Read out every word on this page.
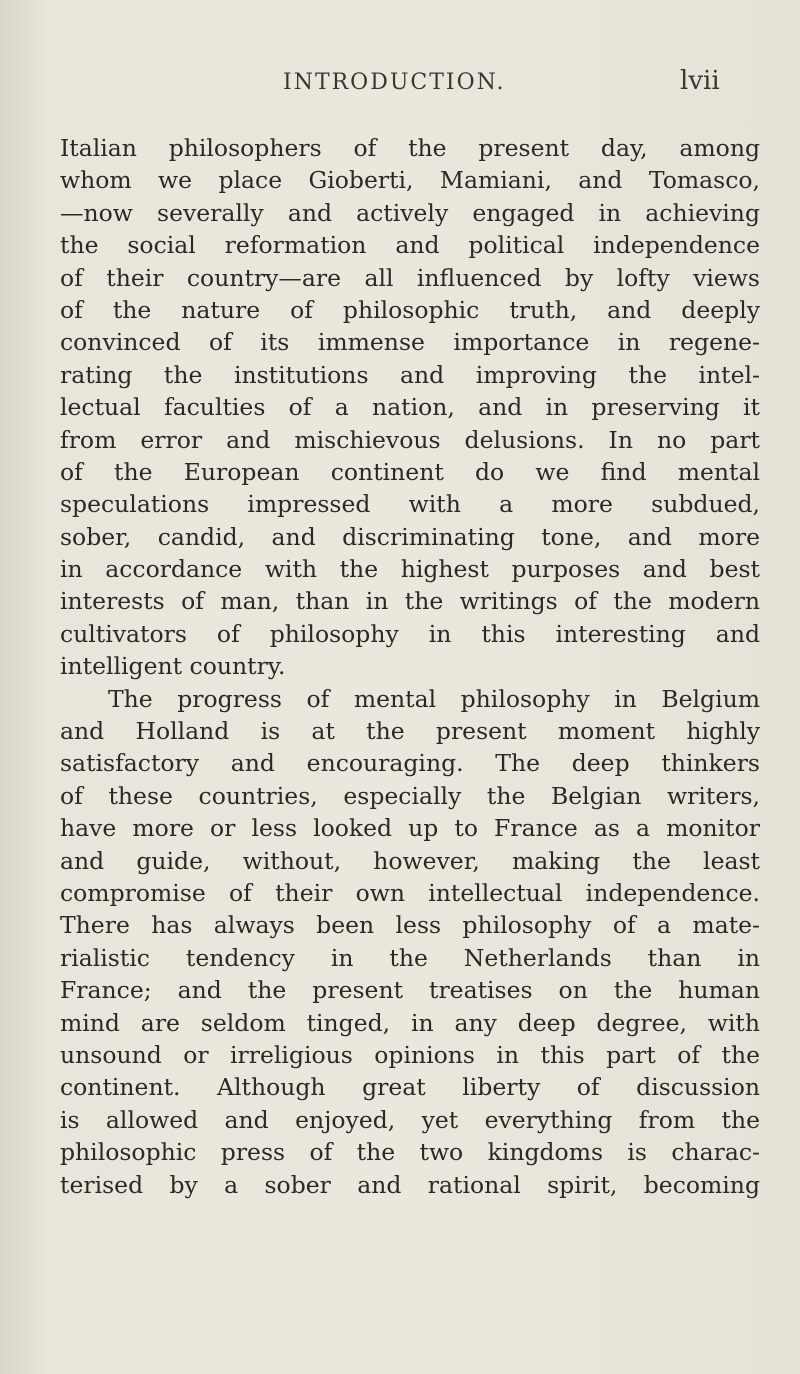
INTRODUCTION.	lvii
Italian philosophers of the present day, among
whom we place Gioberti, Mamiani, and Tomasco,
—now severally and actively engaged in achieving
the social reformation and political independence
of their country—are all influenced by lofty views
of the nature of philosophic truth, and deeply
convinced of its immense importance in regene-
rating the institutions and improving the intel-
lectual faculties of a nation, and in preserving it
from error and mischievous delusions. In no part
of the European continent do we find mental
speculations impressed with a more subdued,
sober, candid, and discriminating tone, and more
in accordance with the highest purposes and best
interests of man, than in the writings of the modern
cultivators of philosophy in this interesting and
intelligent country.
The progress of mental philosophy in Belgium
and Holland is at the present moment highly
satisfactory and encouraging. The deep thinkers
of these countries, especially the Belgian writers,
have more or less looked up to France as a monitor
and guide, without, however, making the least
compromise of their own intellectual independence.
There has always been less philosophy of a mate-
rialistic tendency in the Netherlands than in
France; and the present treatises on the human
mind are seldom tinged, in any deep degree, with
unsound or irreligious opinions in this part of the
continent. Although great liberty of discussion
is allowed and enjoyed, yet everything from the
philosophic press of the two kingdoms is charac-
terised by a sober and rational spirit, becoming
